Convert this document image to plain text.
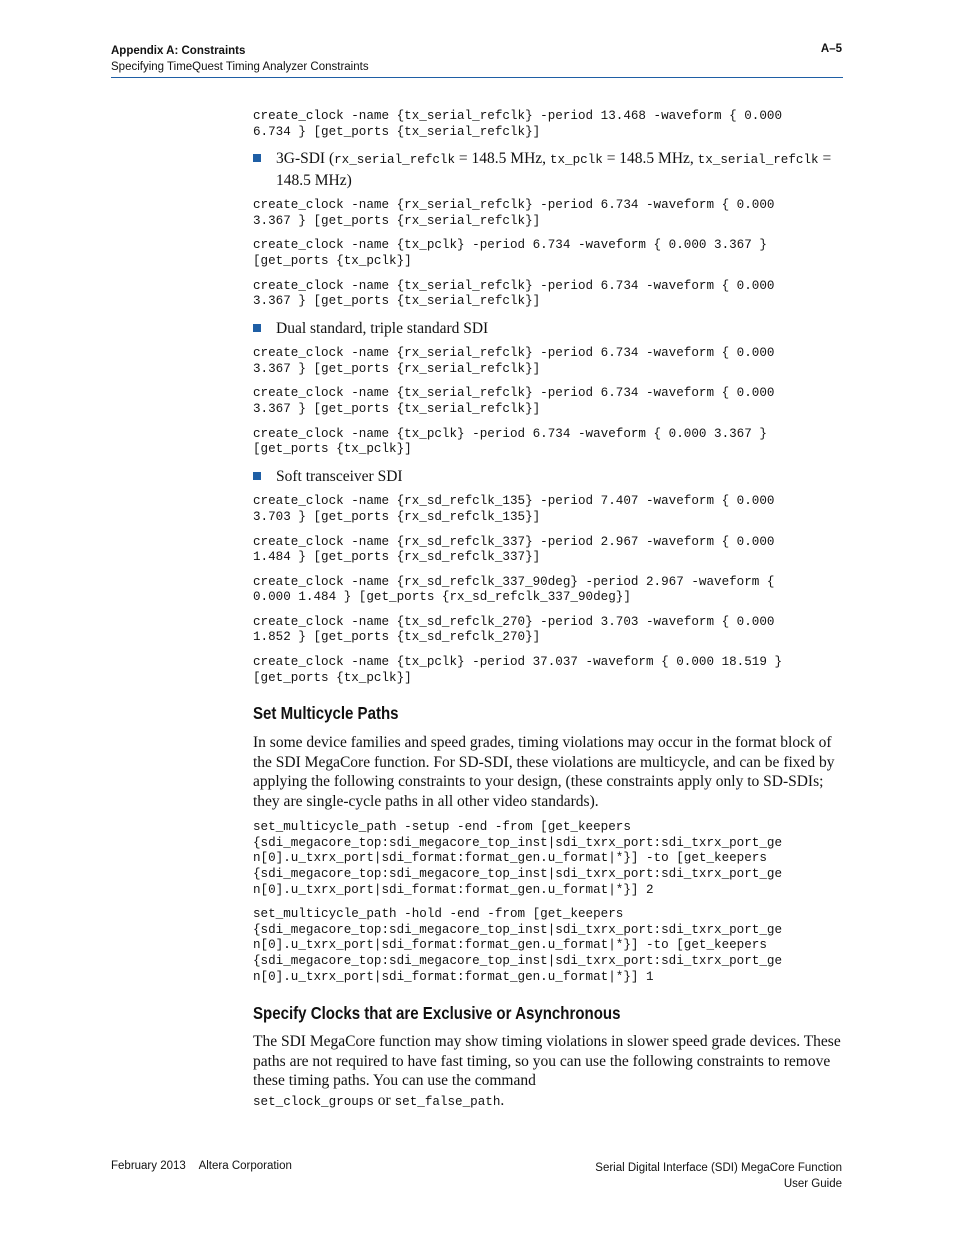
Appendix A: Constraints
Specifying TimeQuest Timing Analyzer Constraints
A–5
create_clock -name {tx_serial_refclk} -period 13.468 -waveform { 0.000
6.734 } [get_ports {tx_serial_refclk}]
3G-SDI (rx_serial_refclk = 148.5 MHz, tx_pclk = 148.5 MHz, tx_serial_refclk = 148.5 MHz)
create_clock -name {rx_serial_refclk} -period 6.734 -waveform { 0.000
3.367 } [get_ports {rx_serial_refclk}]
create_clock -name {tx_pclk} -period 6.734 -waveform { 0.000 3.367 }
[get_ports {tx_pclk}]
create_clock -name {tx_serial_refclk} -period 6.734 -waveform { 0.000
3.367 } [get_ports {tx_serial_refclk}]
Dual standard, triple standard SDI
create_clock -name {rx_serial_refclk} -period 6.734 -waveform { 0.000
3.367 } [get_ports {rx_serial_refclk}]
create_clock -name {tx_serial_refclk} -period 6.734 -waveform { 0.000
3.367 } [get_ports {tx_serial_refclk}]
create_clock -name {tx_pclk} -period 6.734 -waveform { 0.000 3.367 }
[get_ports {tx_pclk}]
Soft transceiver SDI
create_clock -name {rx_sd_refclk_135} -period 7.407 -waveform { 0.000
3.703 } [get_ports {rx_sd_refclk_135}]
create_clock -name {rx_sd_refclk_337} -period 2.967 -waveform { 0.000
1.484 } [get_ports {rx_sd_refclk_337}]
create_clock -name {rx_sd_refclk_337_90deg} -period 2.967 -waveform {
0.000 1.484 } [get_ports {rx_sd_refclk_337_90deg}]
create_clock -name {tx_sd_refclk_270} -period 3.703 -waveform { 0.000
1.852 } [get_ports {tx_sd_refclk_270}]
create_clock -name {tx_pclk} -period 37.037 -waveform { 0.000 18.519 }
[get_ports {tx_pclk}]
Set Multicycle Paths

In some device families and speed grades, timing violations may occur in the format block of the SDI MegaCore function. For SD-SDI, these violations are multicycle, and can be fixed by applying the following constraints to your design, (these constraints apply only to SD-SDIs; they are single-cycle paths in all other video standards).

set_multicycle_path -setup -end -from [get_keepers
{sdi_megacore_top:sdi_megacore_top_inst|sdi_txrx_port:sdi_txrx_port_ge
n[0].u_txrx_port|sdi_format:format_gen.u_format|*}] -to [get_keepers
{sdi_megacore_top:sdi_megacore_top_inst|sdi_txrx_port:sdi_txrx_port_ge
n[0].u_txrx_port|sdi_format:format_gen.u_format|*}] 2
set_multicycle_path -hold -end -from [get_keepers
{sdi_megacore_top:sdi_megacore_top_inst|sdi_txrx_port:sdi_txrx_port_ge
n[0].u_txrx_port|sdi_format:format_gen.u_format|*}] -to [get_keepers
{sdi_megacore_top:sdi_megacore_top_inst|sdi_txrx_port:sdi_txrx_port_ge
n[0].u_txrx_port|sdi_format:format_gen.u_format|*}] 1
Specify Clocks that are Exclusive or Asynchronous

The SDI MegaCore function may show timing violations in slower speed grade devices. These paths are not required to have fast timing, so you can use the following constraints to remove these timing paths. You can use the command
set_clock_groups or set_false_path.

February 2013 Altera Corporation	Serial Digital Interface (SDI) MegaCore Function
User Guide
